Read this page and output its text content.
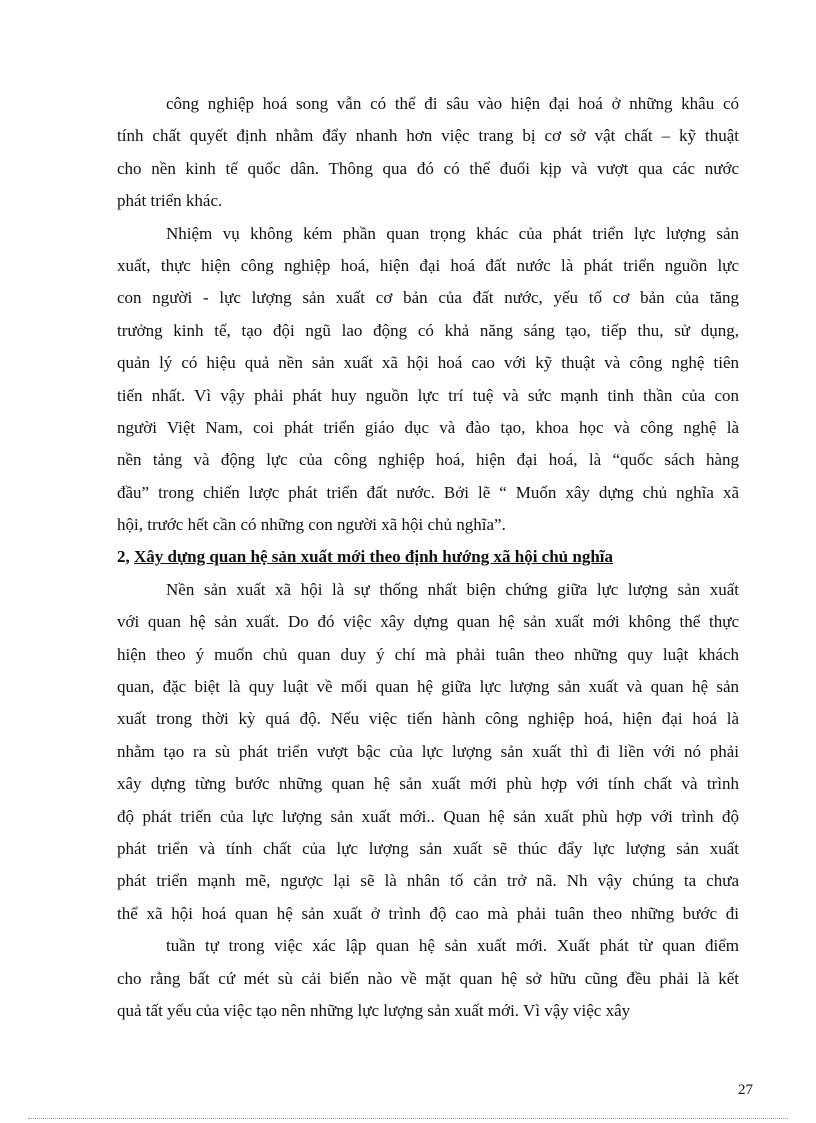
công nghiệp hoá song vẫn có thể đi sâu vào hiện đại hoá ở những khâu có
tính chất quyết định nhằm đẩy nhanh hơn việc trang bị cơ sở vật chất – kỹ thuật
cho nền kinh tế quốc dân. Thông qua đó có thể đuổi kịp và vượt qua các nước
phát triển khác.
Nhiệm vụ không kém phần quan trọng khác của phát triển lực lượng sản
xuất, thực hiện công nghiệp hoá, hiện đại hoá đất nước là phát triển nguồn lực
con người - lực lượng sản xuất cơ bản của đất nước, yếu tố cơ bản của tăng
trưởng kinh tế, tạo đội ngũ lao động có khả năng sáng tạo, tiếp thu, sử dụng,
quản lý có hiệu quả nền sản xuất xã hội hoá cao với kỹ thuật và công nghệ tiên
tiến nhất. Vì vậy phải phát huy nguồn lực trí tuệ và sức mạnh tinh thần của con
người Việt Nam, coi phát triển giáo dục và đào tạo, khoa học và công nghệ là
nền tảng và động lực của công nghiệp hoá, hiện đại hoá, là “quốc sách hàng
đầu” trong chiến lược phát triển đất nước. Bởi lẽ “ Muốn xây dựng chủ nghĩa xã
hội, trước hết cần có những con người xã hội chủ nghĩa”.
2, Xây dựng quan hệ sản xuất mới theo định hướng xã hội chủ nghĩa
Nền sản xuất xã hội là sự thống nhất biện chứng giữa lực lượng sản xuất
với quan hệ sản xuất. Do đó việc xây dựng quan hệ sản xuất mới không thể thực
hiện theo ý muốn chủ quan duy ý chí mà phải tuân theo những quy luật khách
quan, đặc biệt là quy luật về mối quan hệ giữa lực lượng sản xuất và quan hệ sản
xuất trong thời kỳ quá độ. Nếu việc tiến hành công nghiệp hoá, hiện đại hoá là
nhằm tạo ra sù phát triển vượt bậc của lực lượng sản xuất thì đi liền với nó phải
xây dựng từng bước những quan hệ sản xuất mới phù hợp với tính chất và trình
độ phát triển của lực lượng sản xuất mới.. Quan hệ sản xuất phù hợp với trình độ
phát triển và tính chất của lực lượng sản xuất sẽ thúc đẩy lực lượng sản xuất
phát triển mạnh mẽ, ngược lại sẽ là nhân tố cản trở nã. Nh vậy chúng ta chưa
thể xã hội hoá quan hệ sản xuất ở trình độ cao mà phải tuân theo những bước đi
tuần tự trong việc xác lập quan hệ sản xuất mới. Xuất phát từ quan điểm
cho rằng bất cứ mét sù cải biến nào về mặt quan hệ sở hữu cũng đều phải là kết
quả tất yếu của việc tạo nên những lực lượng sản xuất mới. Vì vậy việc xây
27
